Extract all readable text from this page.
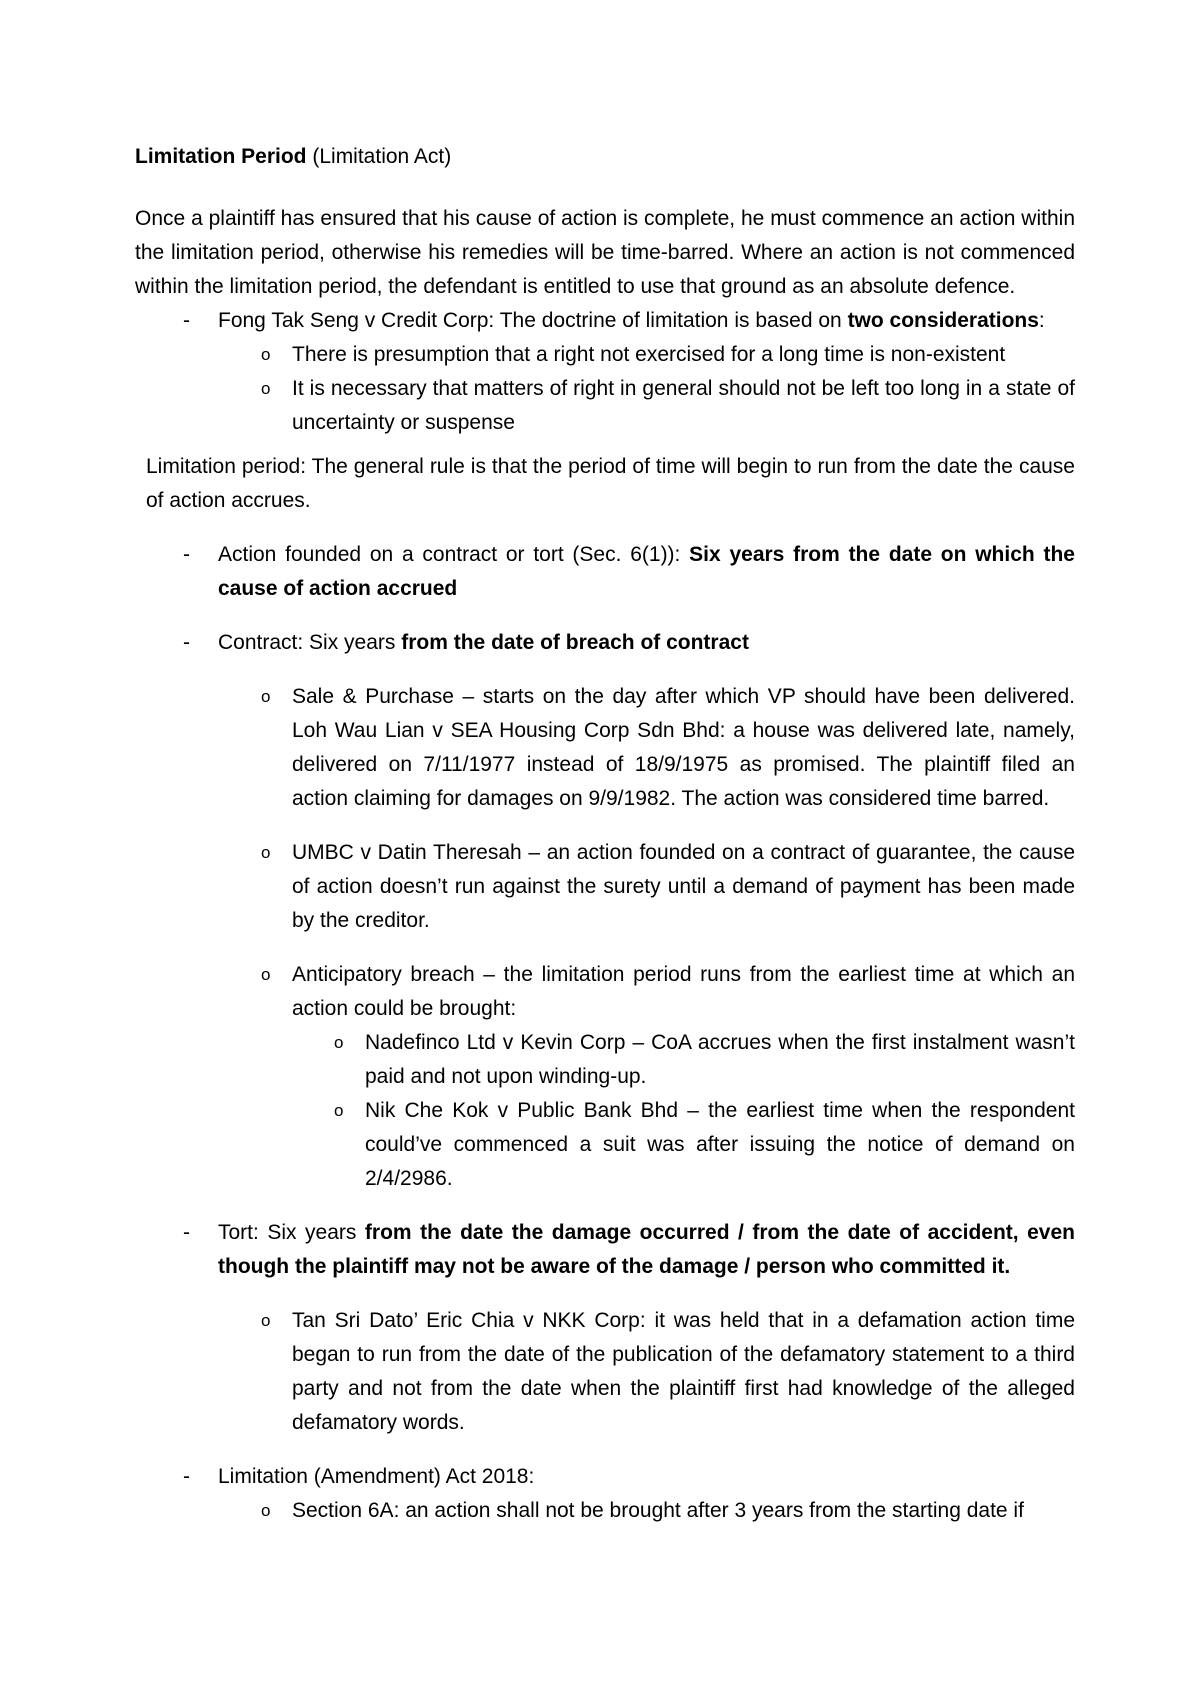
Limitation Period (Limitation Act)

Once a plaintiff has ensured that his cause of action is complete, he must commence an action within the limitation period, otherwise his remedies will be time-barred. Where an action is not commenced within the limitation period, the defendant is entitled to use that ground as an absolute defence.

- Fong Tak Seng v Credit Corp: The doctrine of limitation is based on two considerations:
o There is presumption that a right not exercised for a long time is non-existent
o It is necessary that matters of right in general should not be left too long in a state of uncertainty or suspense

Limitation period: The general rule is that the period of time will begin to run from the date the cause of action accrues.

- Action founded on a contract or tort (Sec. 6(1)): Six years from the date on which the cause of action accrued
- Contract: Six years from the date of breach of contract
o Sale & Purchase – starts on the day after which VP should have been delivered. Loh Wau Lian v SEA Housing Corp Sdn Bhd: a house was delivered late, namely, delivered on 7/11/1977 instead of 18/9/1975 as promised. The plaintiff filed an action claiming for damages on 9/9/1982. The action was considered time barred.
o UMBC v Datin Theresah – an action founded on a contract of guarantee, the cause of action doesn’t run against the surety until a demand of payment has been made by the creditor.
o Anticipatory breach – the limitation period runs from the earliest time at which an action could be brought:
o Nadefinco Ltd v Kevin Corp – CoA accrues when the first instalment wasn’t paid and not upon winding-up.
o Nik Che Kok v Public Bank Bhd – the earliest time when the respondent could’ve commenced a suit was after issuing the notice of demand on 2/4/2986.
- Tort: Six years from the date the damage occurred / from the date of accident, even though the plaintiff may not be aware of the damage / person who committed it.
o Tan Sri Dato’ Eric Chia v NKK Corp: it was held that in a defamation action time began to run from the date of the publication of the defamatory statement to a third party and not from the date when the plaintiff first had knowledge of the alleged defamatory words.
- Limitation (Amendment) Act 2018:
o Section 6A: an action shall not be brought after 3 years from the starting date if
